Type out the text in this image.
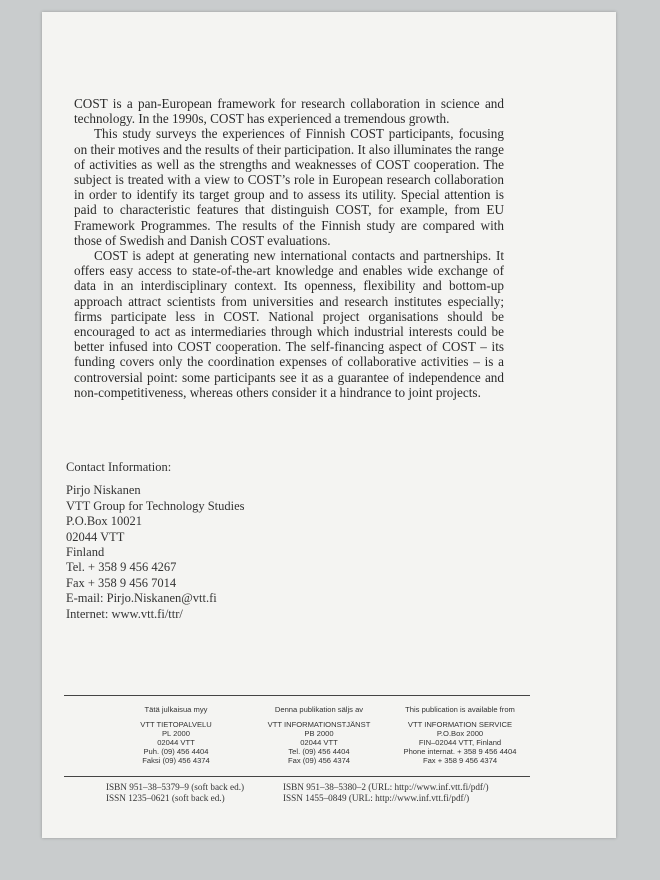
COST is a pan-European framework for research collaboration in science and technology. In the 1990s, COST has experienced a tremendous growth.

This study surveys the experiences of Finnish COST participants, focusing on their motives and the results of their participation. It also illuminates the range of activities as well as the strengths and weaknesses of COST cooperation. The subject is treated with a view to COST’s role in European research collaboration in order to identify its target group and to assess its utility. Special attention is paid to characteristic features that distinguish COST, for example, from EU Framework Programmes. The results of the Finnish study are compared with those of Swedish and Danish COST evaluations.

COST is adept at generating new international contacts and partnerships. It offers easy access to state-of-the-art knowledge and enables wide exchange of data in an interdisciplinary context. Its openness, flexibility and bottom-up approach attract scientists from universities and research institutes especially; firms participate less in COST. National project organisations should be encouraged to act as intermediaries through which industrial interests could be better infused into COST cooperation. The self-financing aspect of COST – its funding covers only the coordination expenses of collaborative activities – is a controversial point: some participants see it as a guarantee of independence and non-competitiveness, whereas others consider it a hindrance to joint projects.

Contact Information:
Pirjo Niskanen
VTT Group for Technology Studies
P.O.Box 10021
02044 VTT
Finland
Tel. + 358 9 456 4267
Fax + 358 9 456 7014
E-mail: Pirjo.Niskanen@vtt.fi
Internet: www.vtt.fi/ttr/
Tätä julkaisua myy
VTT TIETOPALVELU
PL 2000
02044 VTT
Puh. (09) 456 4404
Faksi (09) 456 4374
Denna publikation säljs av
VTT INFORMATIONSTJÄNST
PB 2000
02044 VTT
Tel. (09) 456 4404
Fax (09) 456 4374
This publication is available from
VTT INFORMATION SERVICE
P.O.Box 2000
FIN–02044 VTT, Finland
Phone internat. + 358 9 456 4404
Fax + 358 9 456 4374
ISBN 951–38–5379–9 (soft back ed.)
ISSN 1235–0621 (soft back ed.)
ISBN 951–38–5380–2 (URL: http://www.inf.vtt.fi/pdf/)
ISSN 1455–0849 (URL: http://www.inf.vtt.fi/pdf/)
